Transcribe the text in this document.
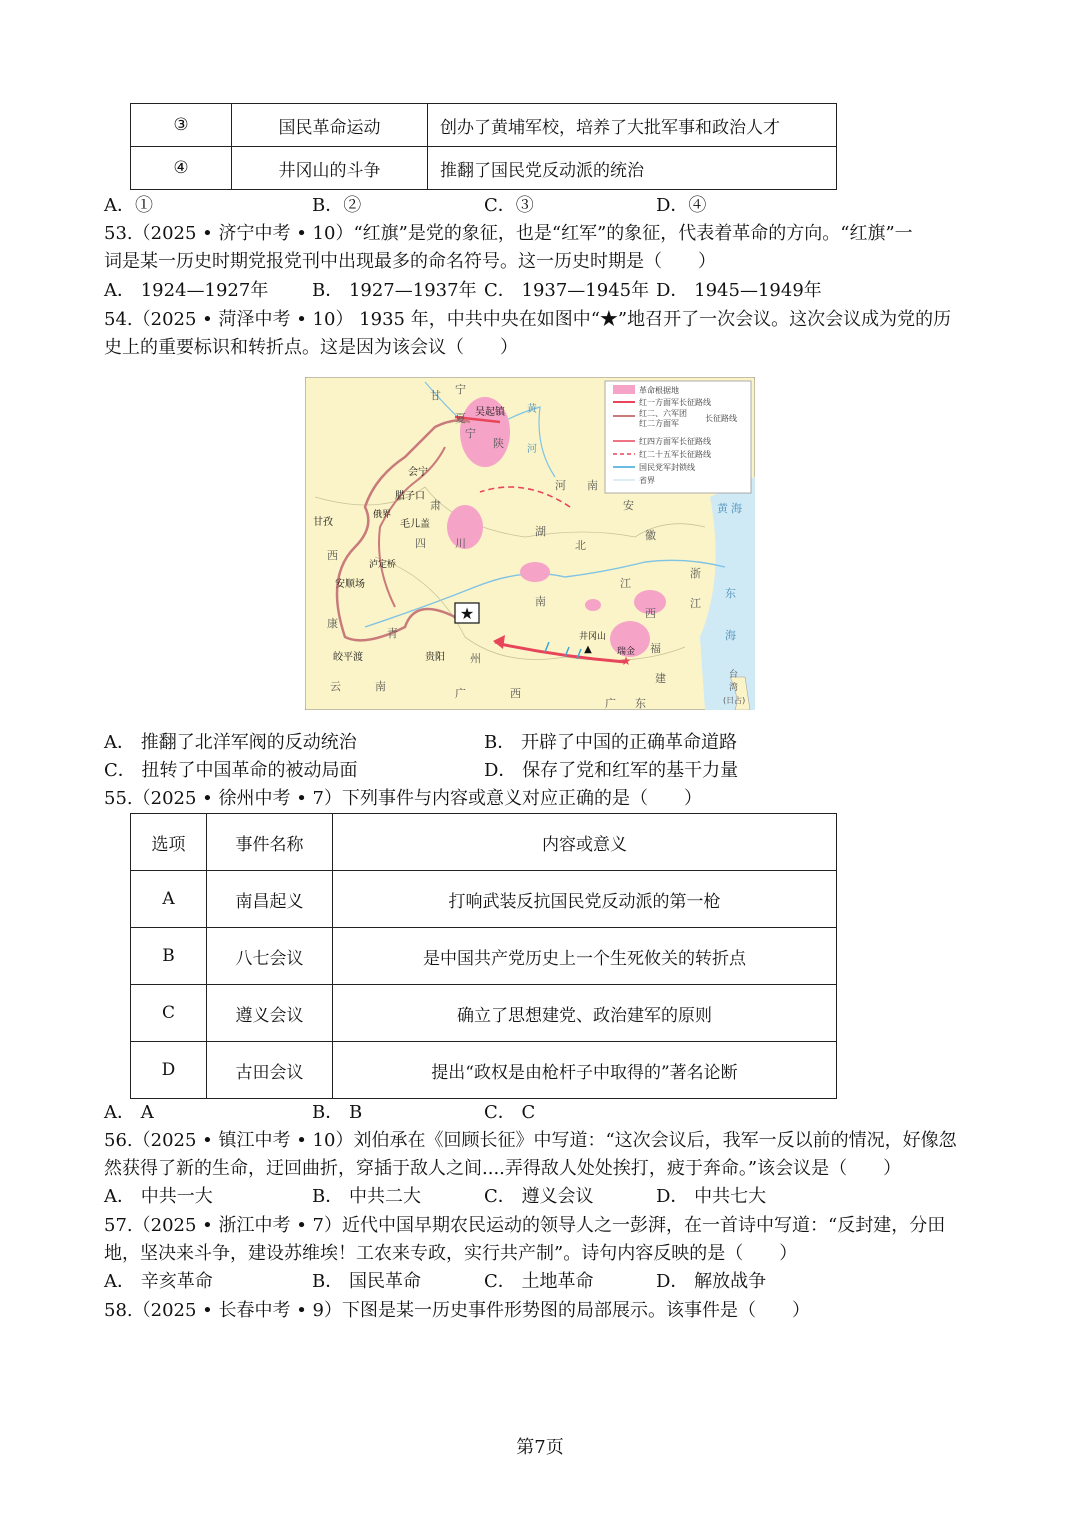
③	国民革命运动	创办了黄埔军校，培养了大批军事和政治人才
④	井冈山的斗争	推翻了国民党反动派的统治
A．①	B．②	C．③	D．④
53.（2025 • 济宁中考 • 10）“红旗”是党的象征，也是“红军”的象征，代表着革命的方向。“红旗”一
词是某一历史时期党报党刊中出现最多的命名符号。这一历史时期是（　　）
A． 1924—1927年 B． 1927—1937年 C． 1937—1945年 D． 1945—1949年
54.（2025 • 菏泽中考 • 10） 1935 年，中共中央在如图中“★”地召开了一次会议。这次会议成为党的历
史上的重要标识和转折点。这是因为该会议（　　）
★
★
▲
革命根据地
红一方面军长征路线
红二、六军团
红二方面军
长征路线
红四方面军长征路线
红二十五军长征路线
国民党军封锁线
省界
甘 宁
夏 吴起镇
陕
会宁
腊子口
肃
俄界
毛儿盖
甘孜
西
四	川
泸定桥
安顺场
康
皎平渡	贵阳 州
云	南
广	西
湖
北
南
河 南
安
徽
江
浙
江
福
建
西
井冈山
瑞金
广 东
台
湾
(日占)
黄 海
东
海
青
宁
黄
河
A． 推翻了北洋军阀的反动统治	B． 开辟了中国的正确革命道路
C． 扭转了中国革命的被动局面	D． 保存了党和红军的基干力量
55.（2025 • 徐州中考 • 7）下列事件与内容或意义对应正确的是（　　）
选项	事件名称	内容或意义
A	南昌起义	打响武装反抗国民党反动派的第一枪
B	八七会议	是中国共产党历史上一个生死攸关的转折点
C	遵义会议	确立了思想建党、政治建军的原则
D	古田会议	提出“政权是由枪杆子中取得的”著名论断
A． A	B． B	C． C
56.（2025 • 镇江中考 • 10）刘伯承在《回顾长征》中写道：“这次会议后，我军一反以前的情况，好像忽
然获得了新的生命，迂回曲折，穿插于敌人之间....弄得敌人处处挨打，疲于奔命。”该会议是（　　）
A． 中共一大	B． 中共二大	C． 遵义会议	D． 中共七大
57.（2025 • 浙江中考 • 7）近代中国早期农民运动的领导人之一彭湃，在一首诗中写道：“反封建，分田
地，坚决来斗争，建设苏维埃！工农来专政，实行共产制”。诗句内容反映的是（　　）
A． 辛亥革命	B． 国民革命	C． 土地革命	D． 解放战争
58.（2025 • 长春中考 • 9）下图是某一历史事件形势图的局部展示。该事件是（　　）
第7页
